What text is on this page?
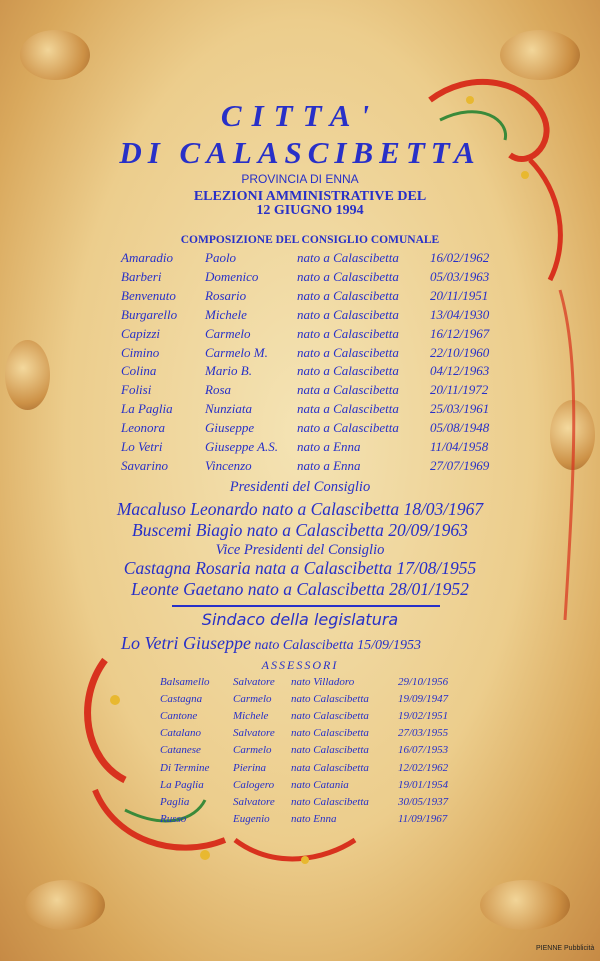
CITTA'
DI CALASCIBETTA
PROVINCIA DI ENNA
ELEZIONI AMMINISTRATIVE DEL
12 GIUGNO 1994
COMPOSIZIONE DEL CONSIGLIO COMUNALE
Amaradio Paolo	nato a Calascibetta 16/02/1962
Barberi	Domenico	nato a Calascibetta 05/03/1963
Benvenuto Rosario	nato a Calascibetta 20/11/1951
Burgarello Michele	nato a Calascibetta 13/04/1930
Capizzi	Carmelo	nato a Calascibetta 16/12/1967
Cimino	Carmelo M. nato a Calascibetta 22/10/1960
Colina	Mario B.	nato a Calascibetta 04/12/1963
Folisi	Rosa	nata a Calascibetta 20/11/1972
La Paglia Nunziata	nata a Calascibetta 25/03/1961
Leonora	Giuseppe	nato a Calascibetta 05/08/1948
Lo Vetri	Giuseppe A.S. nato a Enna	11/04/1958
Savarino	Vincenzo	nato a Enna	27/07/1969
Presidenti del Consiglio
Macaluso Leonardo nato a Calascibetta 18/03/1967
Buscemi Biagio nato a Calascibetta 20/09/1963
Vice Presidenti del Consiglio
Castagna Rosaria nata a Calascibetta 17/08/1955
Leonte Gaetano nato a Calascibetta 28/01/1952
Sindaco della legislatura
Lo Vetri Giuseppe nato Calascibetta 15/09/1953
ASSESSORI
Balsamello Salvatore nato Villadoro	29/10/1956
Castagna	Carmelo nato Calascibetta	19/09/1947
Cantone	Michele nato Calascibetta	19/02/1951
Catalano	Salvatore nato Calascibetta	27/03/1955
Catanese	Carmelo nato Calascibetta	16/07/1953
Di Termine Pierina nata Calascibetta	12/02/1962
La Paglia	Calogero nato Catania	19/01/1954
Paglia	Salvatore nato Calascibetta	30/05/1937
Russo	Eugenio nato Enna	11/09/1967
PIENNE Pubblicità
